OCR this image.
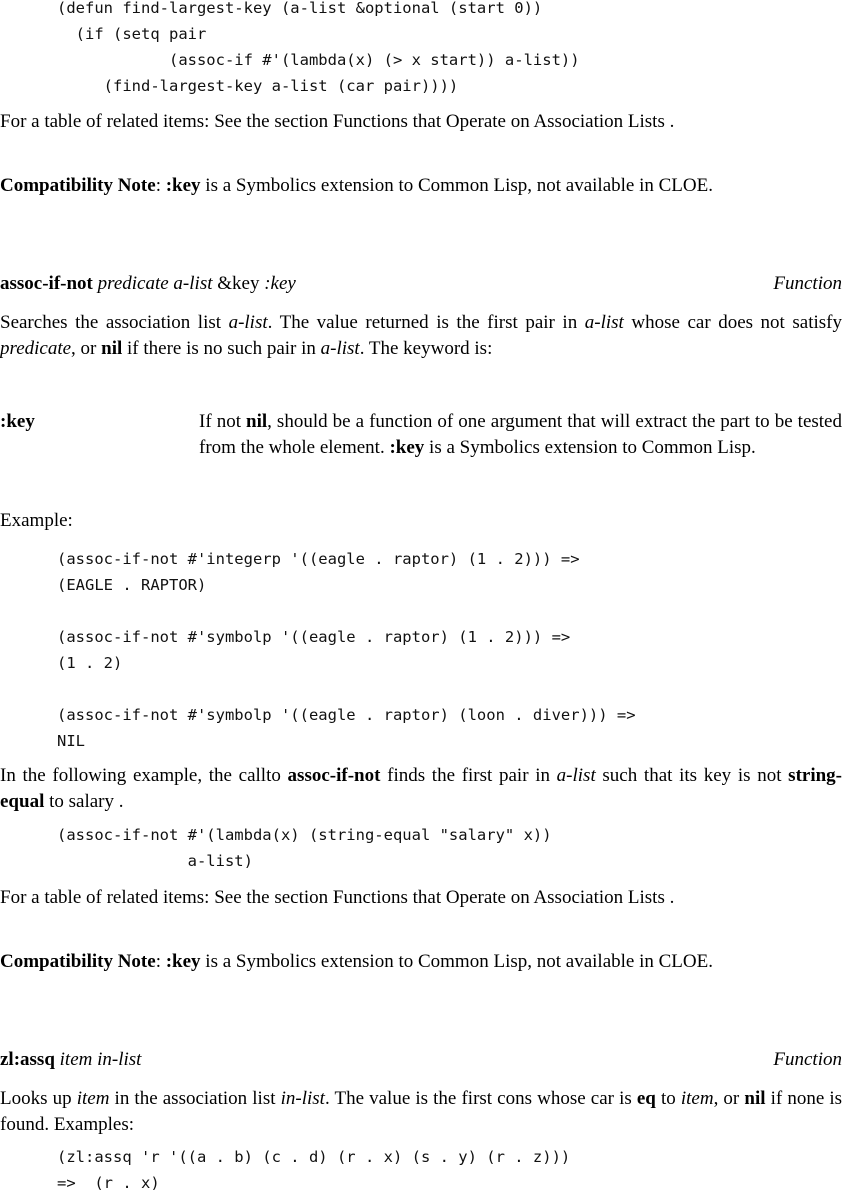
(defun find-largest-key (a-list &optional (start 0))
(if (setq pair
(assoc-if #'(lambda(x) (> x start)) a-list))
(find-largest-key a-list (car pair))))

For a table of related items: See the section Functions that Operate on Association Lists .

Compatibility Note: :key is a Symbolics extension to Common Lisp, not available in CLOE.

assoc-if-not predicate a-list &key :key	Function

Searches the association list a-list. The value returned is the first pair in a-list whose car does not satisfy predicate, or nil if there is no such pair in a-list. The keyword is:

:key	If not nil, should be a function of one argument that will extract the part to be tested from the whole element. :key is a Symbolics extension to Common Lisp.

Example:

(assoc-if-not #'integerp '((eagle . raptor) (1 . 2))) =>
(EAGLE . RAPTOR)

(assoc-if-not #'symbolp '((eagle . raptor) (1 . 2))) =>
(1 . 2)

(assoc-if-not #'symbolp '((eagle . raptor) (loon . diver))) =>
NIL

In the following example, the callto assoc-if-not finds the first pair in a-list such that its key is not string-equal to salary .

(assoc-if-not #'(lambda(x) (string-equal "salary" x))
a-list)

For a table of related items: See the section Functions that Operate on Association Lists .

Compatibility Note: :key is a Symbolics extension to Common Lisp, not available in CLOE.

zl:assq item in-list	Function

Looks up item in the association list in-list. The value is the first cons whose car is eq to item, or nil if none is found. Examples:

(zl:assq 'r '((a . b) (c . d) (r . x) (s . y) (r . z)))
=>  (r . x)
